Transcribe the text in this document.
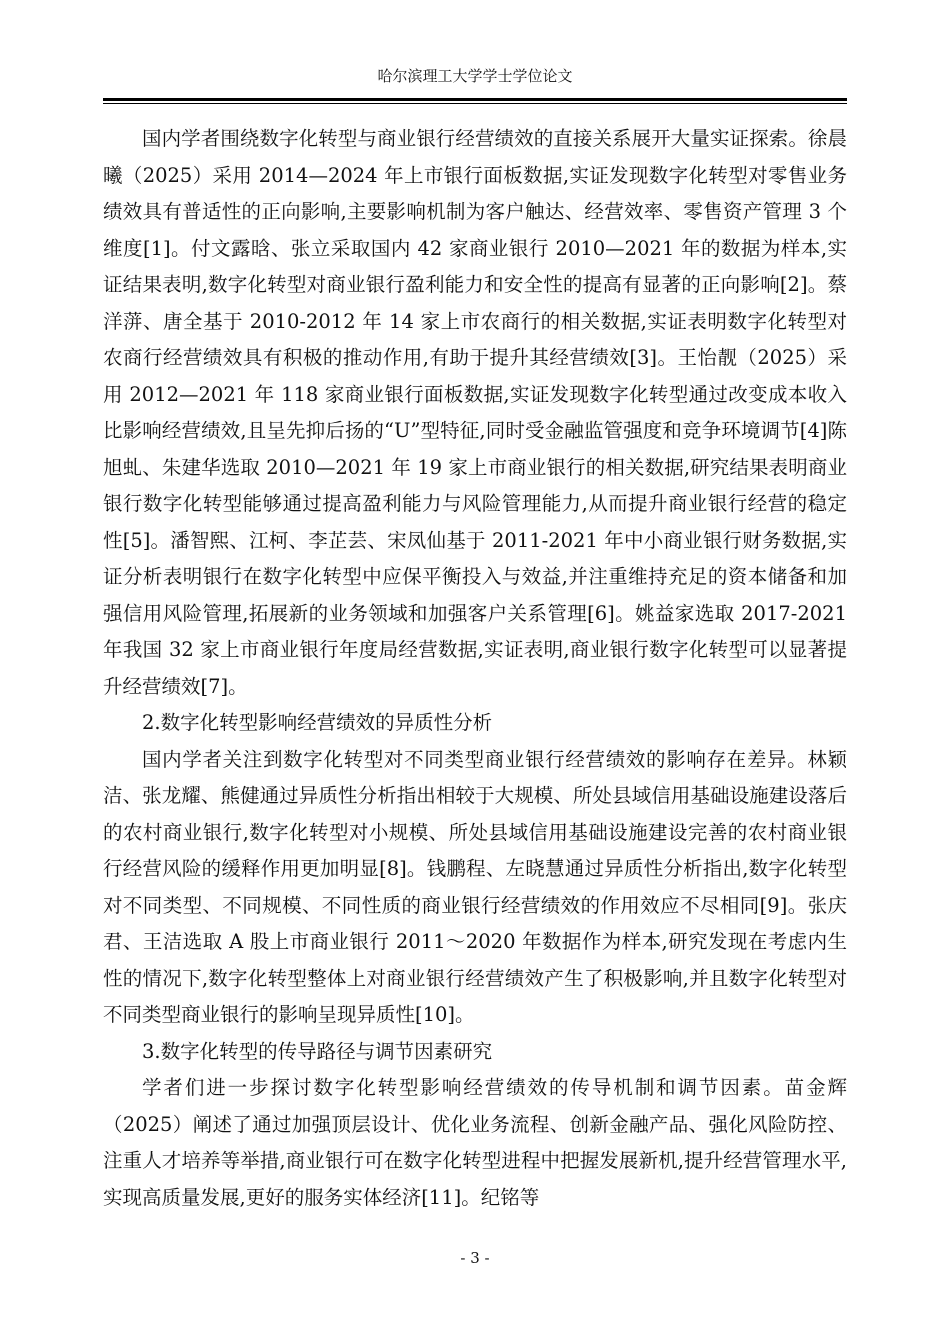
哈尔滨理工大学学士学位论文

国内学者围绕数字化转型与商业银行经营绩效的直接关系展开大量实证探索。徐晨曦（2025）采用 2014—2024 年上市银行面板数据,实证发现数字化转型对零售业务绩效具有普适性的正向影响,主要影响机制为客户触达、经营效率、零售资产管理 3 个维度[1]。付文露晗、张立采取国内 42 家商业银行 2010—2021 年的数据为样本,实证结果表明,数字化转型对商业银行盈利能力和安全性的提高有显著的正向影响[2]。蔡洋蓱、唐全基于 2010-2012 年 14 家上市农商行的相关数据,实证表明数字化转型对农商行经营绩效具有积极的推动作用,有助于提升其经营绩效[3]。王怡靓（2025）采用 2012—2021 年 118 家商业银行面板数据,实证发现数字化转型通过改变成本收入比影响经营绩效,且呈先抑后扬的“U”型特征,同时受金融监管强度和竞争环境调节[4]陈旭虬、朱建华选取 2010—2021 年 19 家上市商业银行的相关数据,研究结果表明商业银行数字化转型能够通过提高盈利能力与风险管理能力,从而提升商业银行经营的稳定性[5]。潘智熙、江柯、李芷芸、宋凤仙基于 2011-2021 年中小商业银行财务数据,实证分析表明银行在数字化转型中应保平衡投入与效益,并注重维持充足的资本储备和加强信用风险管理,拓展新的业务领域和加强客户关系管理[6]。姚益家选取 2017-2021 年我国 32 家上市商业银行年度局经营数据,实证表明,商业银行数字化转型可以显著提升经营绩效[7]。

2.数字化转型影响经营绩效的异质性分析

国内学者关注到数字化转型对不同类型商业银行经营绩效的影响存在差异。林颖洁、张龙耀、熊健通过异质性分析指出相较于大规模、所处县域信用基础设施建设落后的农村商业银行,数字化转型对小规模、所处县域信用基础设施建设完善的农村商业银行经营风险的缓释作用更加明显[8]。钱鹏程、左晓慧通过异质性分析指出,数字化转型对不同类型、不同规模、不同性质的商业银行经营绩效的作用效应不尽相同[9]。张庆君、王洁选取 A 股上市商业银行 2011～2020 年数据作为样本,研究发现在考虑内生性的情况下,数字化转型整体上对商业银行经营绩效产生了积极影响,并且数字化转型对不同类型商业银行的影响呈现异质性[10]。

3.数字化转型的传导路径与调节因素研究

学者们进一步探讨数字化转型影响经营绩效的传导机制和调节因素。苗金辉（2025）阐述了通过加强顶层设计、优化业务流程、创新金融产品、强化风险防控、注重人才培养等举措,商业银行可在数字化转型进程中把握发展新机,提升经营管理水平,实现高质量发展,更好的服务实体经济[11]。纪铭等

- 3 -
